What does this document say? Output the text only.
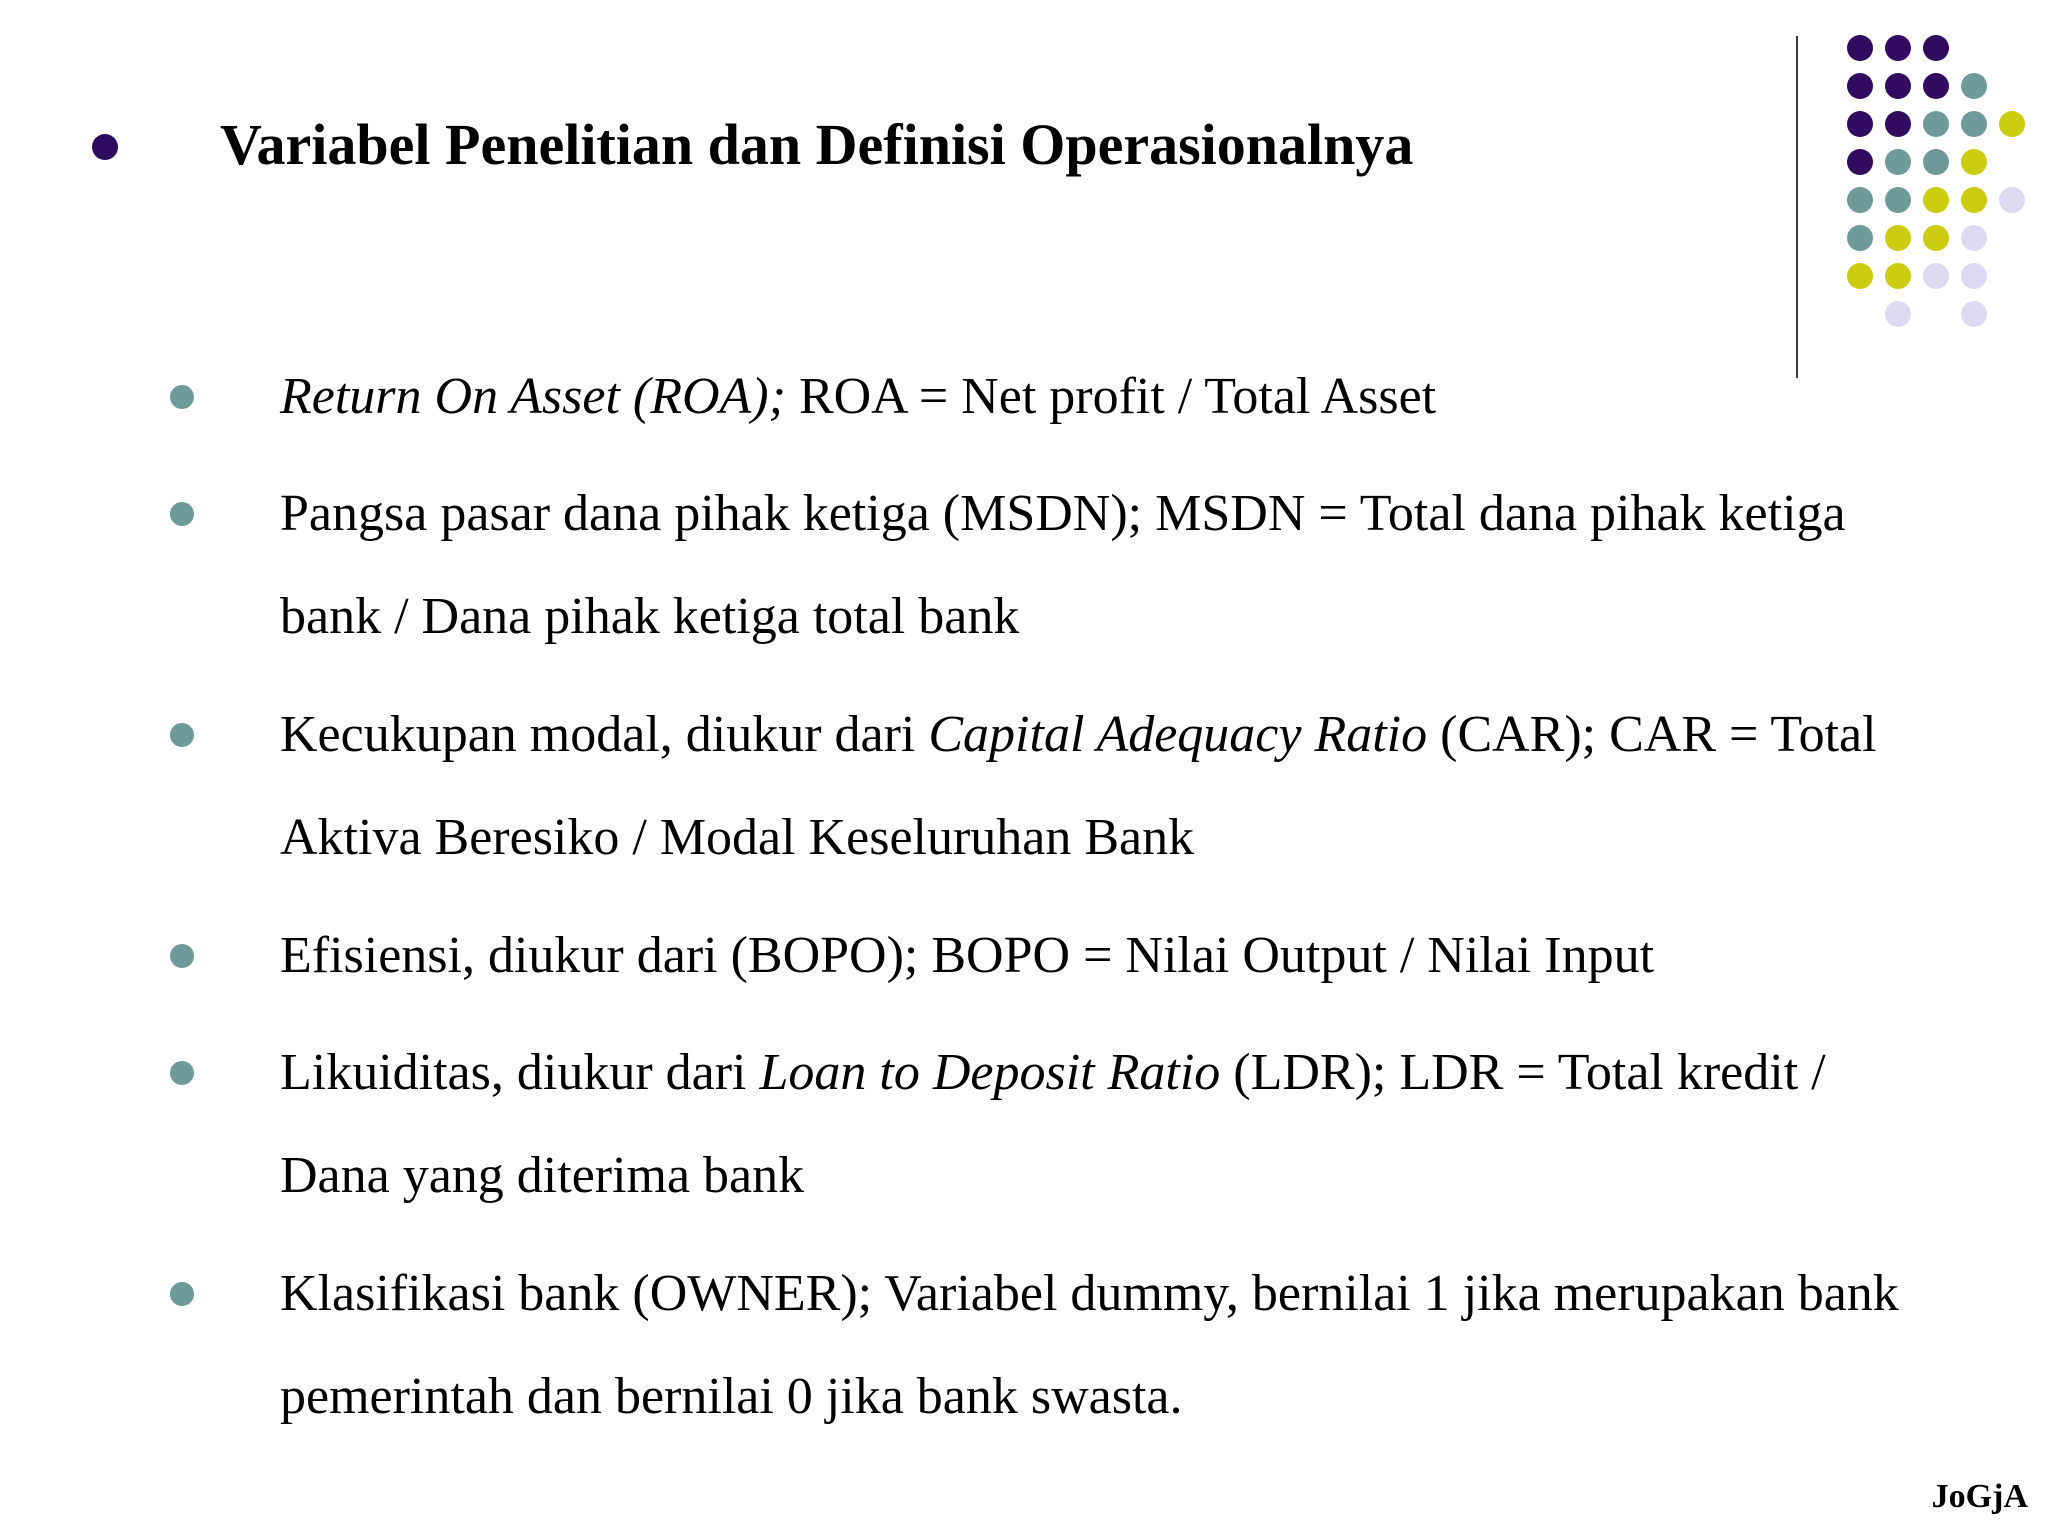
Variabel Penelitian dan Definisi Operasionalnya
Return On Asset (ROA); ROA = Net profit / Total Asset
Pangsa pasar dana pihak ketiga (MSDN); MSDN = Total dana pihak ketiga bank / Dana pihak ketiga total bank
Kecukupan modal, diukur dari Capital Adequacy Ratio (CAR); CAR = Total Aktiva Beresiko / Modal Keseluruhan Bank
Efisiensi, diukur dari (BOPO); BOPO = Nilai Output / Nilai Input
Likuiditas, diukur dari Loan to Deposit Ratio (LDR); LDR = Total kredit / Dana yang diterima bank
Klasifikasi bank (OWNER); Variabel dummy, bernilai 1 jika merupakan bank pemerintah dan bernilai 0 jika bank swasta.
JoGjA
